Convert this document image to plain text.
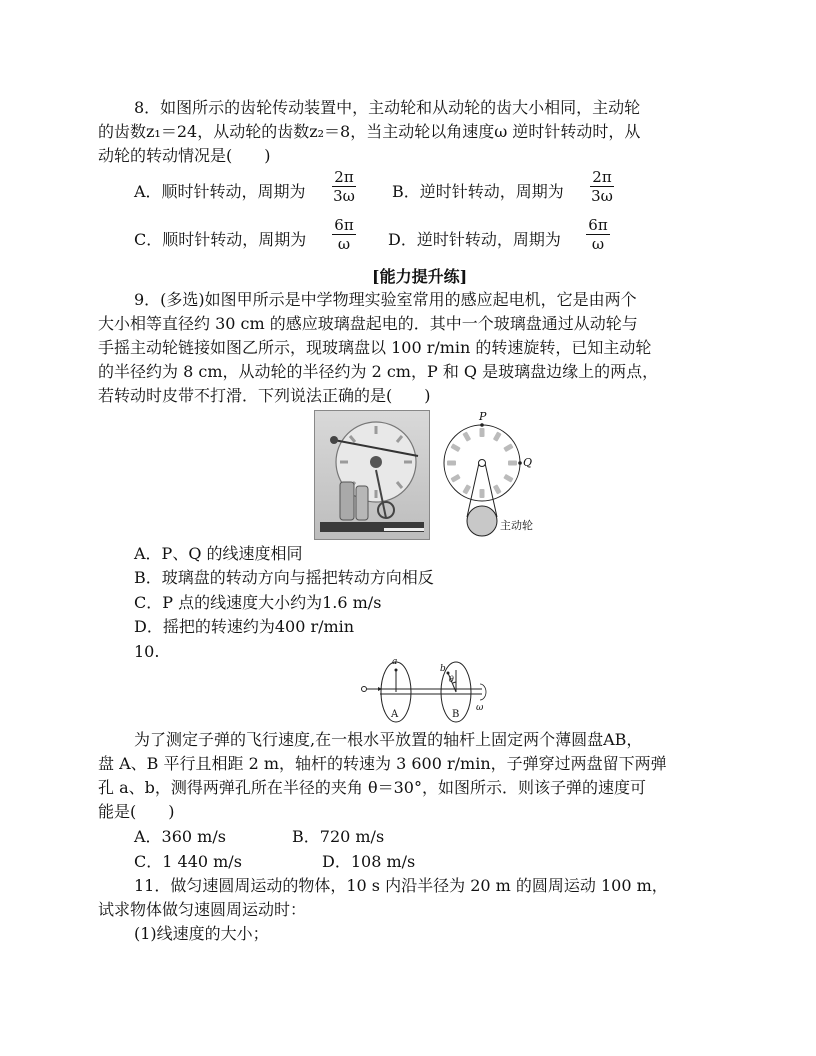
8．如图所示的齿轮传动装置中，主动轮和从动轮的齿大小相同，主动轮
的齿数z₁＝24，从动轮的齿数z₂＝8，当主动轮以角速度ω 逆时针转动时，从
动轮的转动情况是(　　)
A．顺时针转动，周期为
2π
3ω B．逆时针转动，周期为
2π
3ω
C．顺时针转动，周期为
6π
ω	D．逆时针转动，周期为
6π
ω
[能力提升练]
9．(多选)如图甲所示是中学物理实验室常用的感应起电机，它是由两个
大小相等直径约 30 cm 的感应玻璃盘起电的．其中一个玻璃盘通过从动轮与
手摇主动轮链接如图乙所示，现玻璃盘以 100 r/min 的转速旋转，已知主动轮
的半径约为 8 cm，从动轮的半径约为 2 cm，P 和 Q 是玻璃盘边缘上的两点，
若转动时皮带不打滑．下列说法正确的是(　　)
P
Q
主动轮
A．P、Q 的线速度相同
B．玻璃盘的转动方向与摇把转动方向相反
C．P 点的线速度大小约为1.6 m/s
D．摇把的转速约为400 r/min
10.
a
b
θ
A	B
ω
为了测定子弹的飞行速度,在一根水平放置的轴杆上固定两个薄圆盘AB，
盘 A、B 平行且相距 2 m，轴杆的转速为 3 600 r/min，子弹穿过两盘留下两弹
孔 a、b，测得两弹孔所在半径的夹角 θ＝30°，如图所示．则该子弹的速度可
能是(　　)
A．360 m/s	B．720 m/s
C．1 440 m/s	D．108 m/s
11．做匀速圆周运动的物体，10 s 内沿半径为 20 m 的圆周运动 100 m，
试求物体做匀速圆周运动时：
(1)线速度的大小；
